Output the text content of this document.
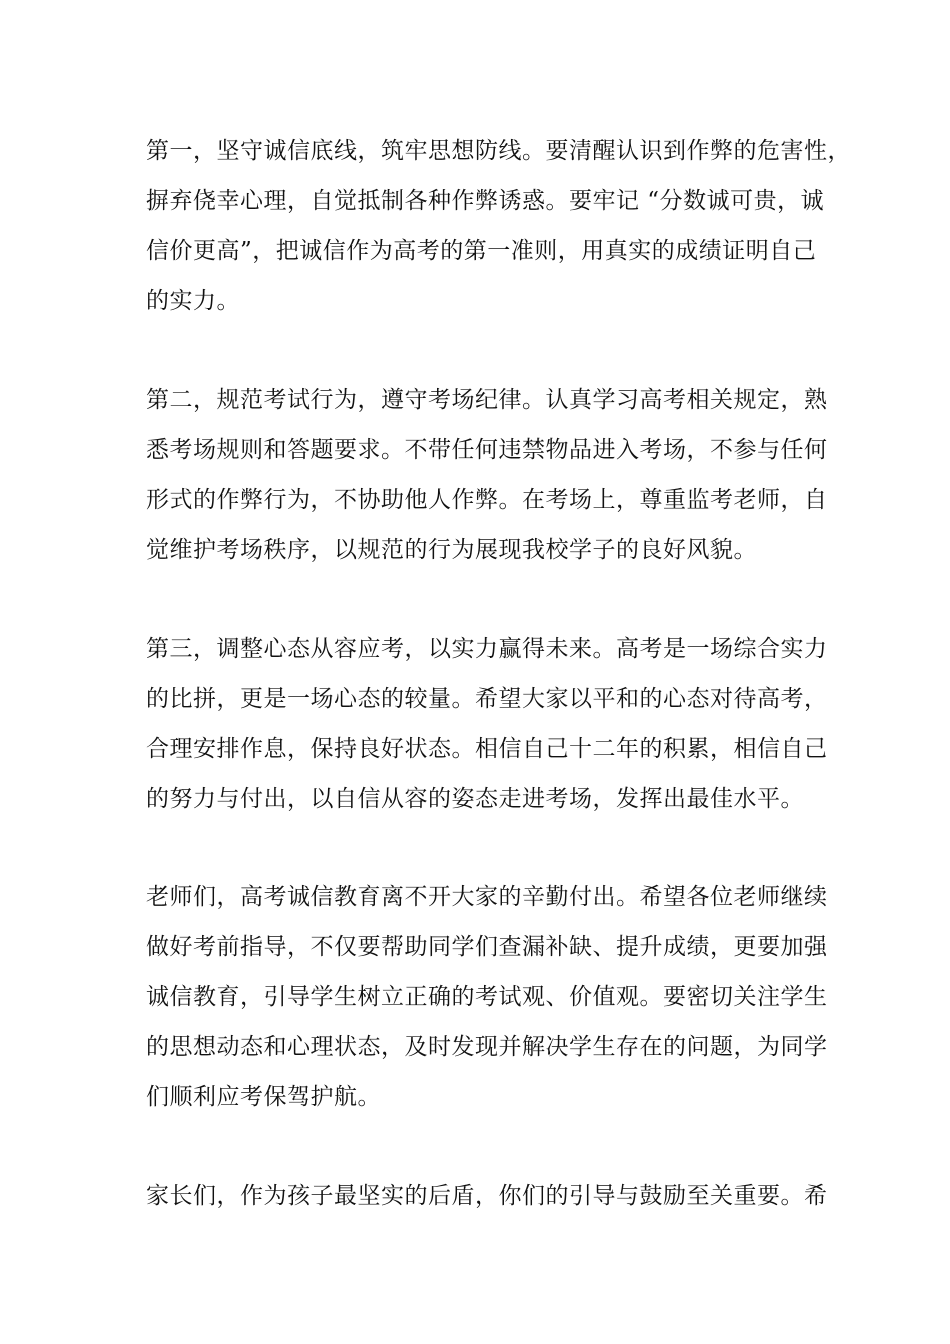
第一，坚守诚信底线，筑牢思想防线。要清醒认识到作弊的危害性，
摒弃侥幸心理，自觉抵制各种作弊诱惑。要牢记 “分数诚可贵，诚
信价更高”，把诚信作为高考的第一准则，用真实的成绩证明自己
的实力。
第二，规范考试行为，遵守考场纪律。认真学习高考相关规定，熟
悉考场规则和答题要求。不带任何违禁物品进入考场，不参与任何
形式的作弊行为，不协助他人作弊。在考场上，尊重监考老师，自
觉维护考场秩序，以规范的行为展现我校学子的良好风貌。
第三，调整心态从容应考，以实力赢得未来。高考是一场综合实力
的比拼，更是一场心态的较量。希望大家以平和的心态对待高考，
合理安排作息，保持良好状态。相信自己十二年的积累，相信自己
的努力与付出，以自信从容的姿态走进考场，发挥出最佳水平。
老师们，高考诚信教育离不开大家的辛勤付出。希望各位老师继续
做好考前指导，不仅要帮助同学们查漏补缺、提升成绩，更要加强
诚信教育，引导学生树立正确的考试观、价值观。要密切关注学生
的思想动态和心理状态，及时发现并解决学生存在的问题，为同学
们顺利应考保驾护航。
家长们，作为孩子最坚实的后盾，你们的引导与鼓励至关重要。希
